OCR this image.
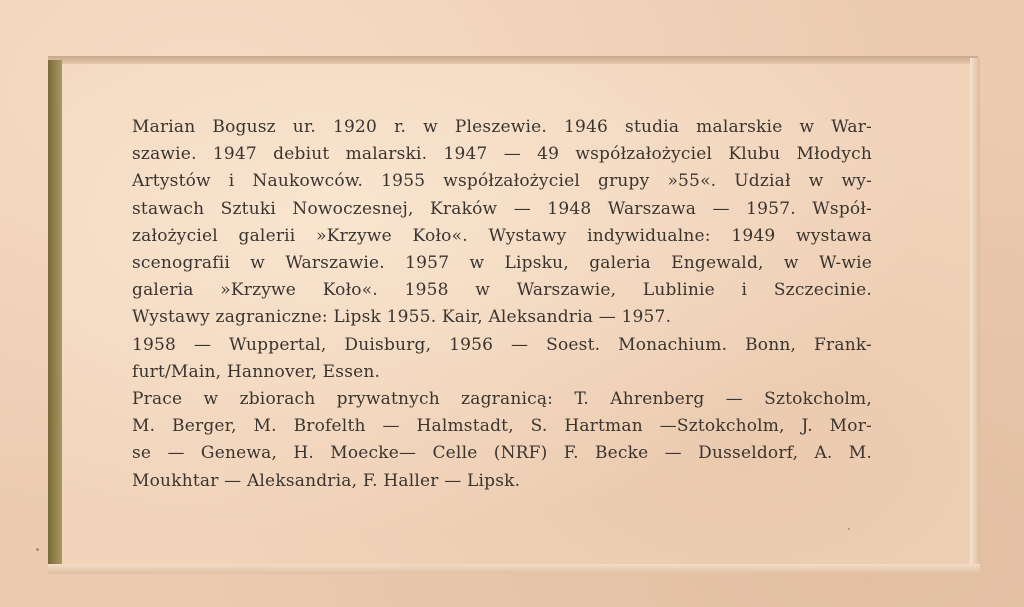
Marian Bogusz ur. 1920 r. w Pleszewie. 1946 studia malarskie w War-
szawie. 1947 debiut malarski. 1947 — 49 współzałożyciel Klubu Młodych
Artystów i Naukowców. 1955 współzałożyciel grupy »55«. Udział w wy-
stawach Sztuki Nowoczesnej, Kraków — 1948 Warszawa — 1957. Współ-
założyciel galerii »Krzywe Koło«. Wystawy indywidualne: 1949 wystawa
scenografii w Warszawie. 1957 w Lipsku, galeria Engewald, w W-wie
galeria »Krzywe Koło«. 1958 w Warszawie, Lublinie i Szczecinie.
Wystawy zagraniczne: Lipsk 1955. Kair, Aleksandria — 1957.
1958 — Wuppertal, Duisburg, 1956 — Soest. Monachium. Bonn, Frank-
furt/Main, Hannover, Essen.
Prace w zbiorach prywatnych zagranicą: T. Ahrenberg — Sztokcholm,
M. Berger, M. Brofelth — Halmstadt, S. Hartman —Sztokcholm, J. Mor-
se — Genewa, H. Moecke— Celle (NRF) F. Becke — Dusseldorf, A. M.
Moukhtar — Aleksandria, F. Haller — Lipsk.
